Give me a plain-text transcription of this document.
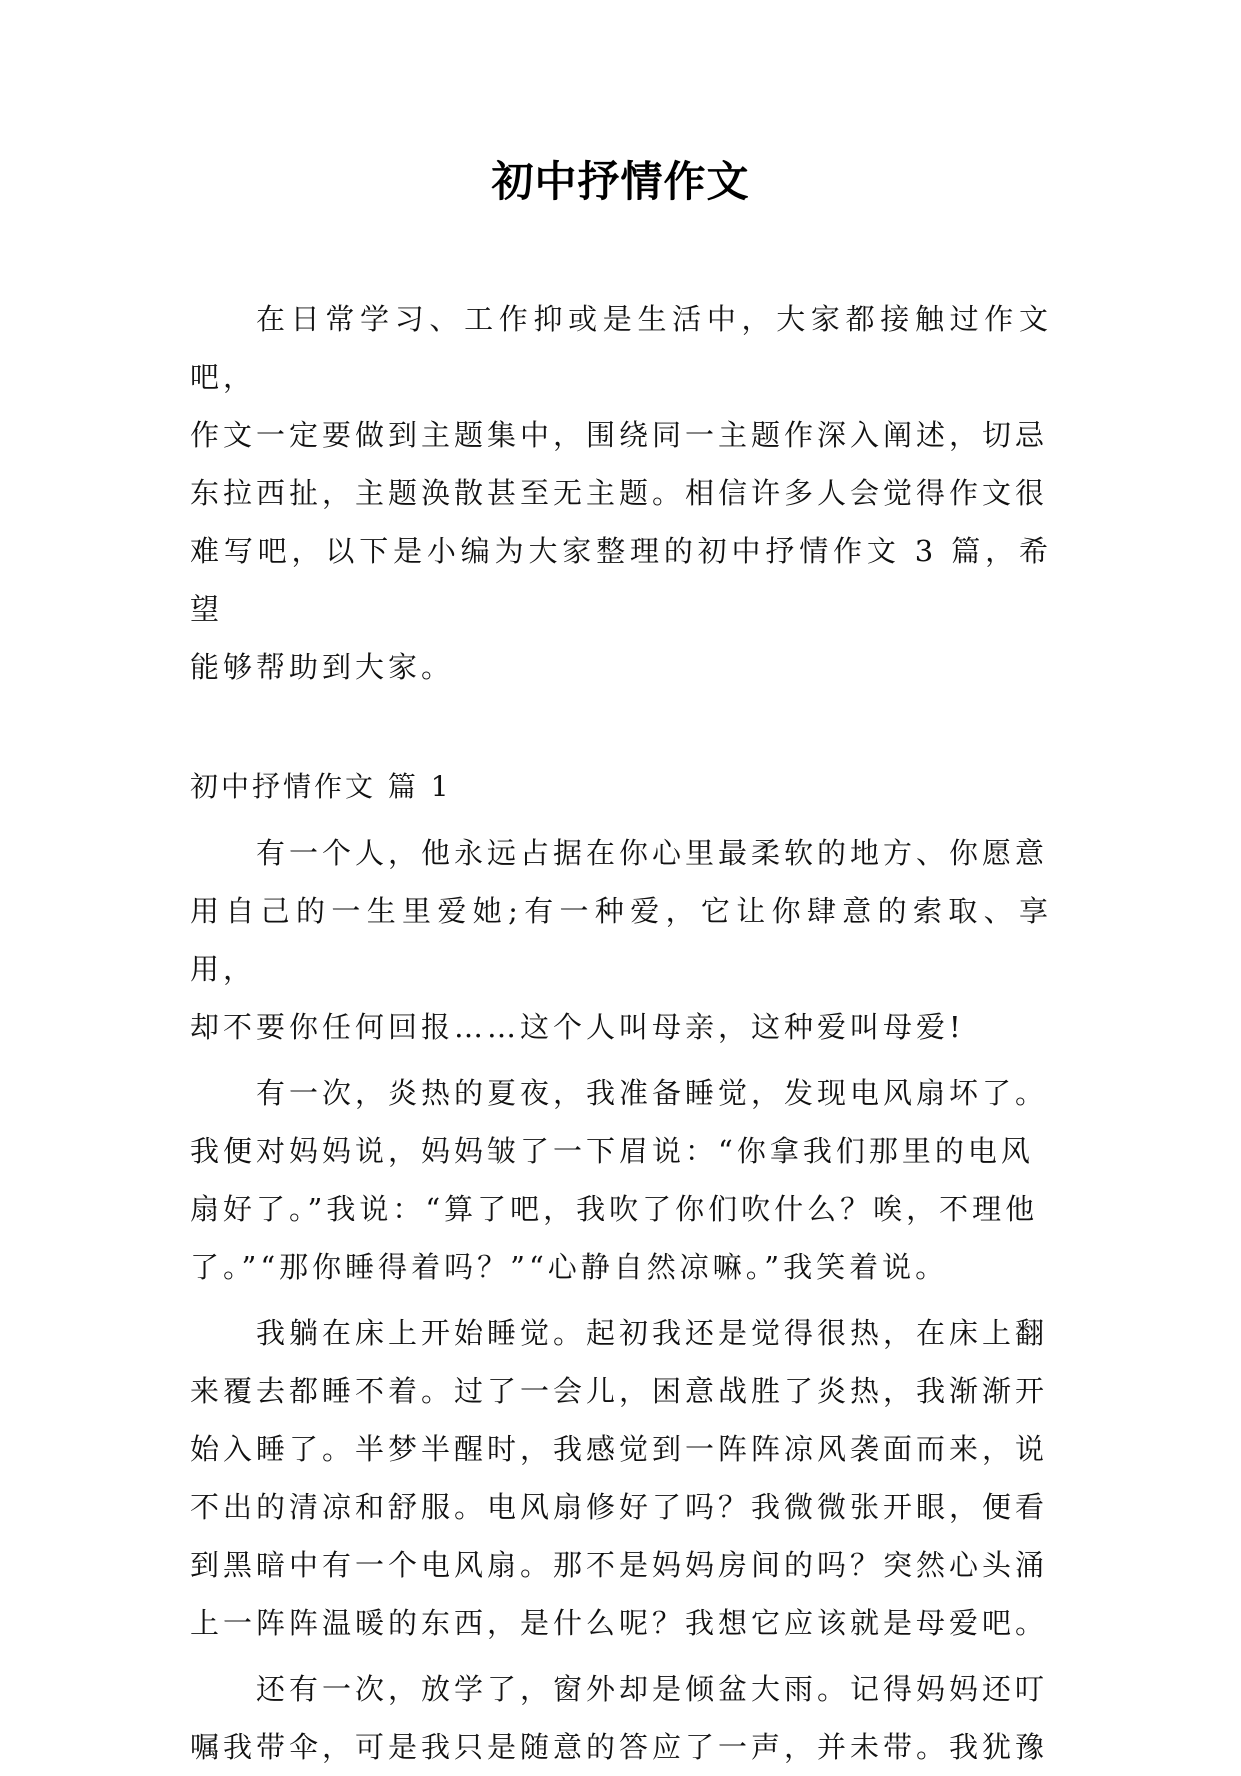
初中抒情作文

在日常学习、工作抑或是生活中，大家都接触过作文吧，
作文一定要做到主题集中，围绕同一主题作深入阐述，切忌
东拉西扯，主题涣散甚至无主题。相信许多人会觉得作文很
难写吧，以下是小编为大家整理的初中抒情作文 3 篇，希望
能够帮助到大家。

初中抒情作文 篇 1

有一个人，他永远占据在你心里最柔软的地方、你愿意
用自己的一生里爱她;有一种爱，它让你肆意的索取、享用，
却不要你任何回报……这个人叫母亲，这种爱叫母爱!

有一次，炎热的夏夜，我准备睡觉，发现电风扇坏了。
我便对妈妈说，妈妈皱了一下眉说：“你拿我们那里的电风
扇好了。”我说：“算了吧，我吹了你们吹什么？唉，不理他
了。”“那你睡得着吗？”“心静自然凉嘛。”我笑着说。

我躺在床上开始睡觉。起初我还是觉得很热，在床上翻
来覆去都睡不着。过了一会儿，困意战胜了炎热，我渐渐开
始入睡了。半梦半醒时，我感觉到一阵阵凉风袭面而来，说
不出的清凉和舒服。电风扇修好了吗？我微微张开眼，便看
到黑暗中有一个电风扇。那不是妈妈房间的吗？突然心头涌
上一阵阵温暖的东西，是什么呢？我想它应该就是母爱吧。

还有一次，放学了，窗外却是倾盆大雨。记得妈妈还叮
嘱我带伞，可是我只是随意的答应了一声，并未带。我犹豫
